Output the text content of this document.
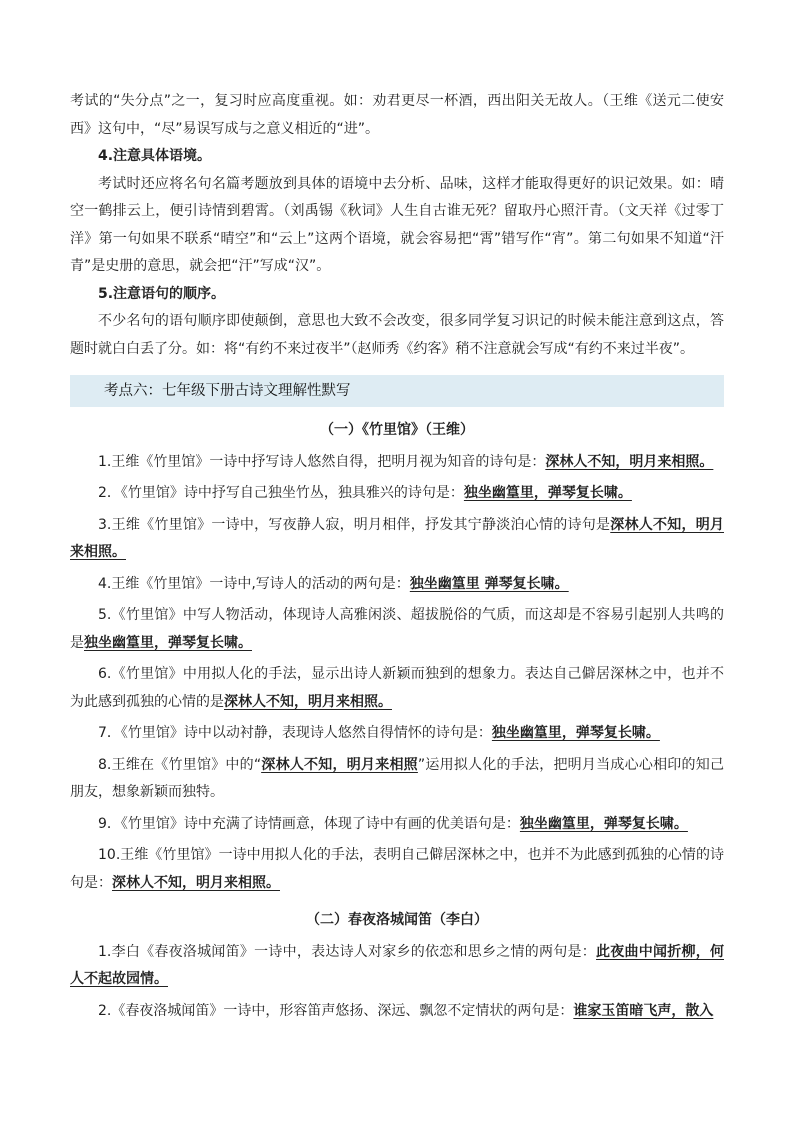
考试的“失分点”之一，复习时应高度重视。如：劝君更尽一杯酒，西出阳关无故人。（王维《送元二使安西》这句中，“尽”易误写成与之意义相近的“进”。

4.注意具体语境。

考试时还应将名句名篇考题放到具体的语境中去分析、品味，这样才能取得更好的识记效果。如：晴空一鹤排云上，便引诗情到碧霄。（刘禹锡《秋词》人生自古谁无死？留取丹心照汗青。（文天祥《过零丁洋》第一句如果不联系“晴空”和“云上”这两个语境，就会容易把“霄”错写作“宵”。第二句如果不知道“汗青”是史册的意思，就会把“汗”写成“汉”。

5.注意语句的顺序。

不少名句的语句顺序即使颠倒，意思也大致不会改变，很多同学复习识记的时候未能注意到这点，答题时就白白丢了分。如：将“有约不来过夜半”（赵师秀《约客》稍不注意就会写成“有约不来过半夜”。

考点六：七年级下册古诗文理解性默写
（一）《竹里馆》（王维）

1.王维《竹里馆》一诗中抒写诗人悠然自得，把明月视为知音的诗句是：深林人不知，明月来相照。

2．《竹里馆》诗中抒写自己独坐竹丛，独具雅兴的诗句是：独坐幽篁里，弹琴复长啸。

3.王维《竹里馆》一诗中，写夜静人寂，明月相伴，抒发其宁静淡泊心情的诗句是深林人不知，明月来相照。

4.王维《竹里馆》一诗中,写诗人的活动的两句是：独坐幽篁里 弹琴复长啸。

5.《竹里馆》中写人物活动，体现诗人高雅闲淡、超拔脱俗的气质，而这却是不容易引起别人共鸣的是独坐幽篁里，弹琴复长啸。

6.《竹里馆》中用拟人化的手法，显示出诗人新颖而独到的想象力。表达自己僻居深林之中，也并不为此感到孤独的心情的是深林人不知，明月来相照。

7．《竹里馆》诗中以动衬静，表现诗人悠然自得情怀的诗句是：独坐幽篁里，弹琴复长啸。

8.王维在《竹里馆》中的“深林人不知，明月来相照”运用拟人化的手法，把明月当成心心相印的知己朋友，想象新颖而独特。

9．《竹里馆》诗中充满了诗情画意，体现了诗中有画的优美语句是：独坐幽篁里，弹琴复长啸。

10.王维《竹里馆》一诗中用拟人化的手法，表明自己僻居深林之中，也并不为此感到孤独的心情的诗句是：深林人不知，明月来相照。

（二）春夜洛城闻笛（李白）

1.李白《春夜洛城闻笛》一诗中，表达诗人对家乡的依恋和思乡之情的两句是：此夜曲中闻折柳，何人不起故园情。

2.《春夜洛城闻笛》一诗中，形容笛声悠扬、深远、飘忽不定情状的两句是：谁家玉笛暗飞声，散入
